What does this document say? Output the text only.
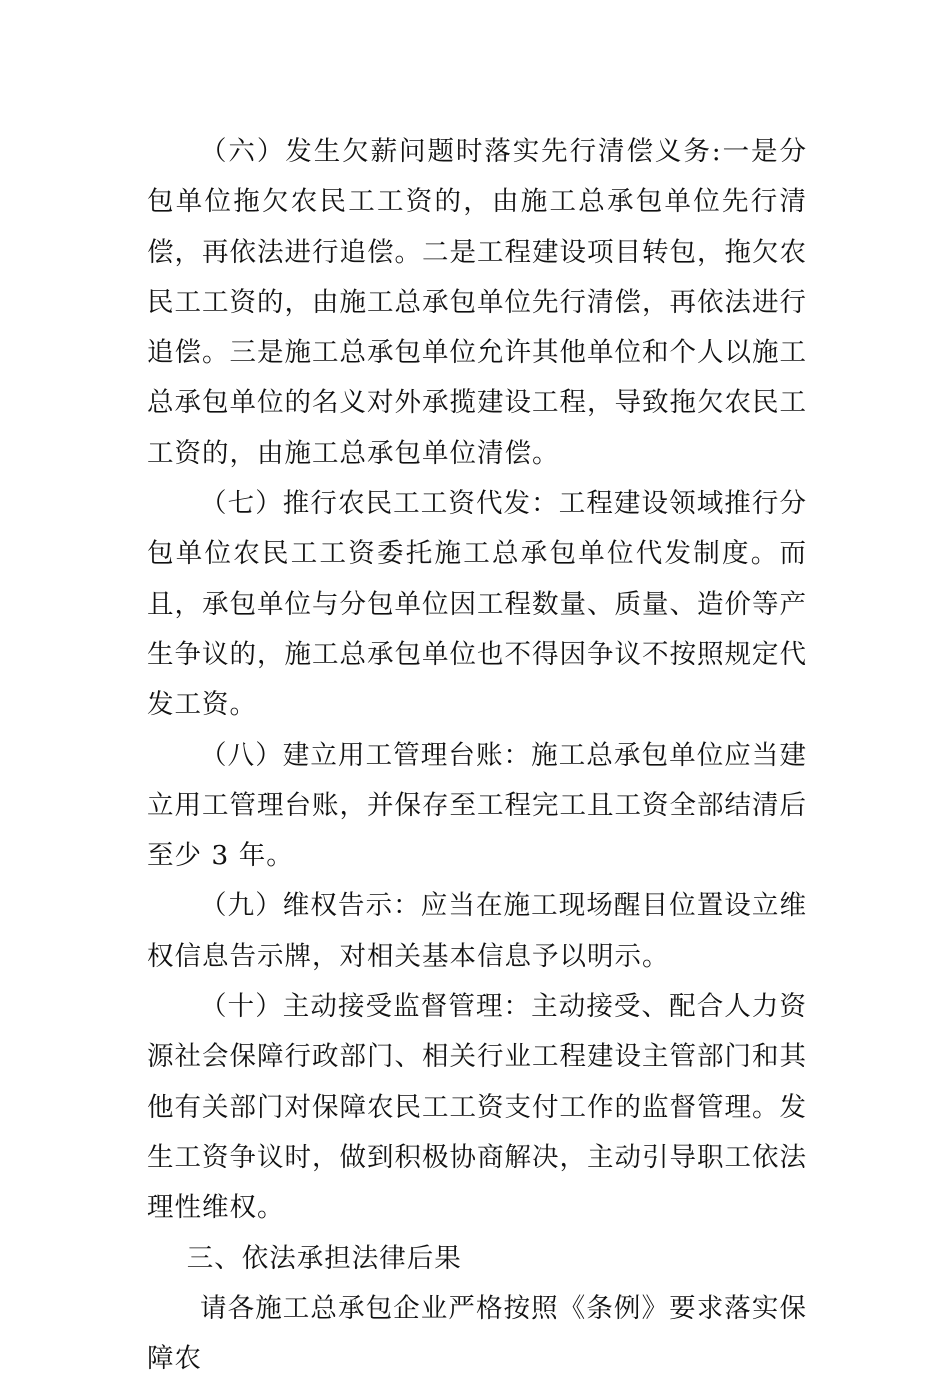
（六）发生欠薪问题时落实先行清偿义务:一是分包单位拖欠农民工工资的，由施工总承包单位先行清偿，再依法进行追偿。二是工程建设项目转包，拖欠农民工工资的，由施工总承包单位先行清偿，再依法进行追偿。三是施工总承包单位允许其他单位和个人以施工总承包单位的名义对外承揽建设工程，导致拖欠农民工工资的，由施工总承包单位清偿。

（七）推行农民工工资代发：工程建设领域推行分包单位农民工工资委托施工总承包单位代发制度。而且，承包单位与分包单位因工程数量、质量、造价等产生争议的，施工总承包单位也不得因争议不按照规定代发工资。

（八）建立用工管理台账：施工总承包单位应当建立用工管理台账，并保存至工程完工且工资全部结清后至少 3 年。

（九）维权告示：应当在施工现场醒目位置设立维权信息告示牌，对相关基本信息予以明示。

（十）主动接受监督管理：主动接受、配合人力资源社会保障行政部门、相关行业工程建设主管部门和其他有关部门对保障农民工工资支付工作的监督管理。发生工资争议时，做到积极协商解决，主动引导职工依法理性维权。

三、依法承担法律后果

请各施工总承包企业严格按照《条例》要求落实保障农
